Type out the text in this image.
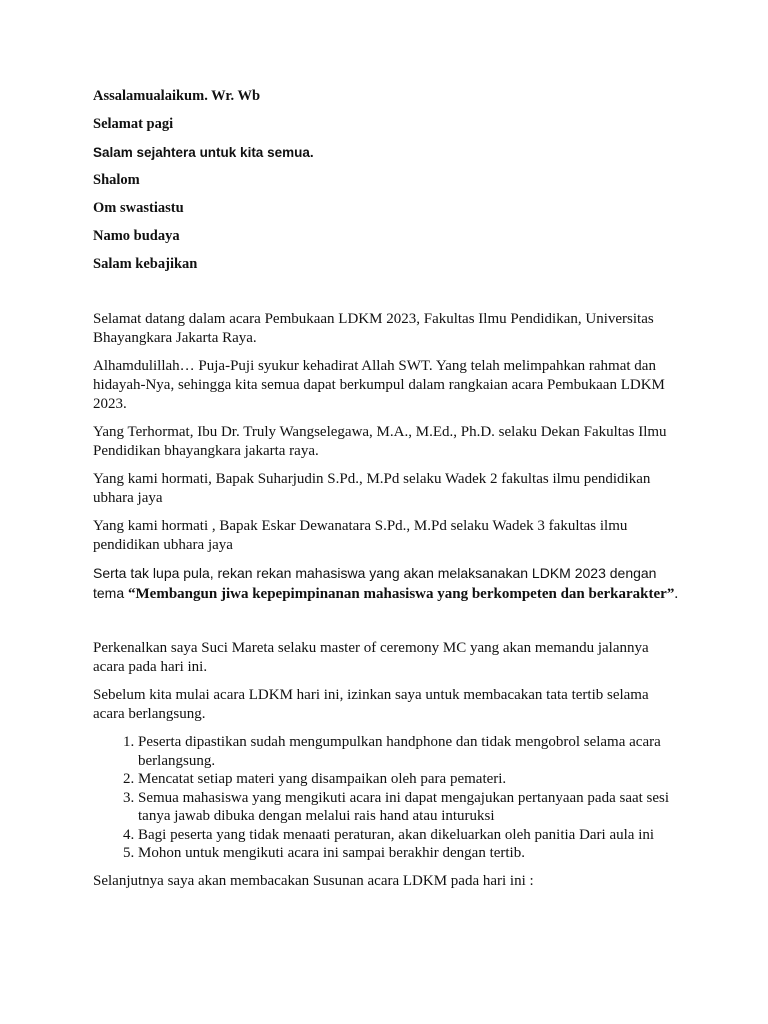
Assalamualaikum. Wr. Wb
Selamat pagi
Salam sejahtera untuk kita semua.
Shalom
Om swastiastu
Namo budaya
Salam kebajikan

Selamat datang dalam acara Pembukaan LDKM 2023, Fakultas Ilmu Pendidikan, Universitas Bhayangkara Jakarta Raya.

Alhamdulillah… Puja-Puji syukur kehadirat Allah SWT. Yang telah melimpahkan rahmat dan hidayah-Nya, sehingga kita semua dapat berkumpul dalam rangkaian acara Pembukaan LDKM 2023.

Yang Terhormat, Ibu Dr. Truly Wangselegawa, M.A., M.Ed., Ph.D. selaku Dekan Fakultas Ilmu Pendidikan bhayangkara jakarta raya.

Yang kami hormati, Bapak Suharjudin S.Pd., M.Pd selaku Wadek 2 fakultas ilmu pendidikan ubhara jaya

Yang kami hormati , Bapak Eskar Dewanatara S.Pd., M.Pd selaku Wadek 3 fakultas ilmu pendidikan ubhara jaya

Serta tak lupa pula, rekan rekan mahasiswa yang akan melaksanakan LDKM 2023 dengan tema “Membangun jiwa kepepimpinanan mahasiswa yang berkompeten dan berkarakter”.

Perkenalkan saya Suci Mareta selaku master of ceremony MC yang akan memandu jalannya acara pada hari ini.

Sebelum kita mulai acara LDKM hari ini, izinkan saya untuk membacakan tata tertib selama acara berlangsung.

1. Peserta dipastikan sudah mengumpulkan handphone dan tidak mengobrol selama acara berlangsung.
2. Mencatat setiap materi yang disampaikan oleh para pemateri.
3. Semua mahasiswa yang mengikuti acara ini dapat mengajukan pertanyaan pada saat sesi tanya jawab dibuka dengan melalui rais hand atau inturuksi
4. Bagi peserta yang tidak menaati peraturan, akan dikeluarkan oleh panitia Dari aula ini
5. Mohon untuk mengikuti acara ini sampai berakhir dengan tertib.

Selanjutnya saya akan membacakan Susunan acara LDKM pada hari ini :
